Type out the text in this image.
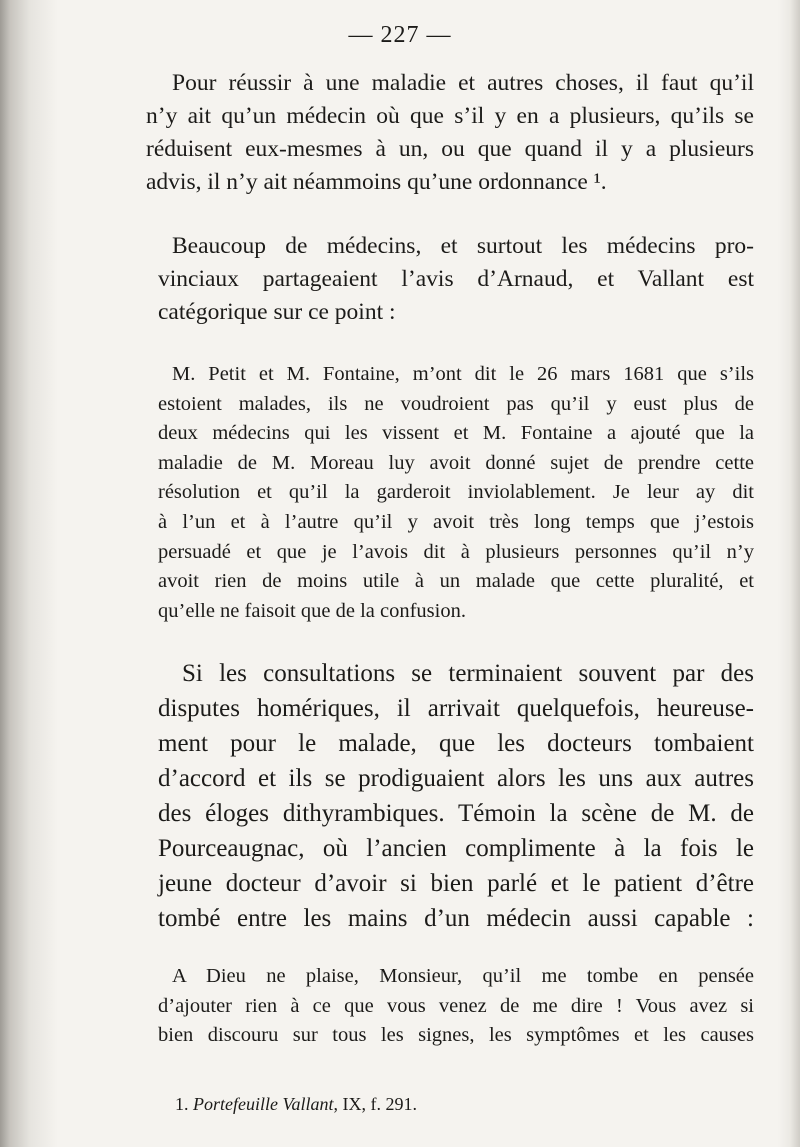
— 227 —
Pour réussir à une maladie et autres choses, il faut qu’il
n’y ait qu’un médecin où que s’il y en a plusieurs, qu’ils se
réduisent eux-mesmes à un, ou que quand il y a plusieurs
advis, il n’y ait néammoins qu’une ordonnance ¹.
Beaucoup de médecins, et surtout les médecins pro-
vinciaux partageaient l’avis d’Arnaud, et Vallant est
catégorique sur ce point :
M. Petit et M. Fontaine, m’ont dit le 26 mars 1681 que s’ils
estoient malades, ils ne voudroient pas qu’il y eust plus de
deux médecins qui les vissent et M. Fontaine a ajouté que la
maladie de M. Moreau luy avoit donné sujet de prendre cette
résolution et qu’il la garderoit inviolablement. Je leur ay dit
à l’un et à l’autre qu’il y avoit très long temps que j’estois
persuadé et que je l’avois dit à plusieurs personnes qu’il n’y
avoit rien de moins utile à un malade que cette pluralité, et
qu’elle ne faisoit que de la confusion.
Si les consultations se terminaient souvent par des
disputes homériques, il arrivait quelquefois, heureuse-
ment pour le malade, que les docteurs tombaient
d’accord et ils se prodiguaient alors les uns aux autres
des éloges dithyrambiques. Témoin la scène de M. de
Pourceaugnac, où l’ancien complimente à la fois le
jeune docteur d’avoir si bien parlé et le patient d’être
tombé entre les mains d’un médecin aussi capable :
A Dieu ne plaise, Monsieur, qu’il me tombe en pensée
d’ajouter rien à ce que vous venez de me dire ! Vous avez si
bien discouru sur tous les signes, les symptômes et les causes
1. Portefeuille Vallant, IX, f. 291.
